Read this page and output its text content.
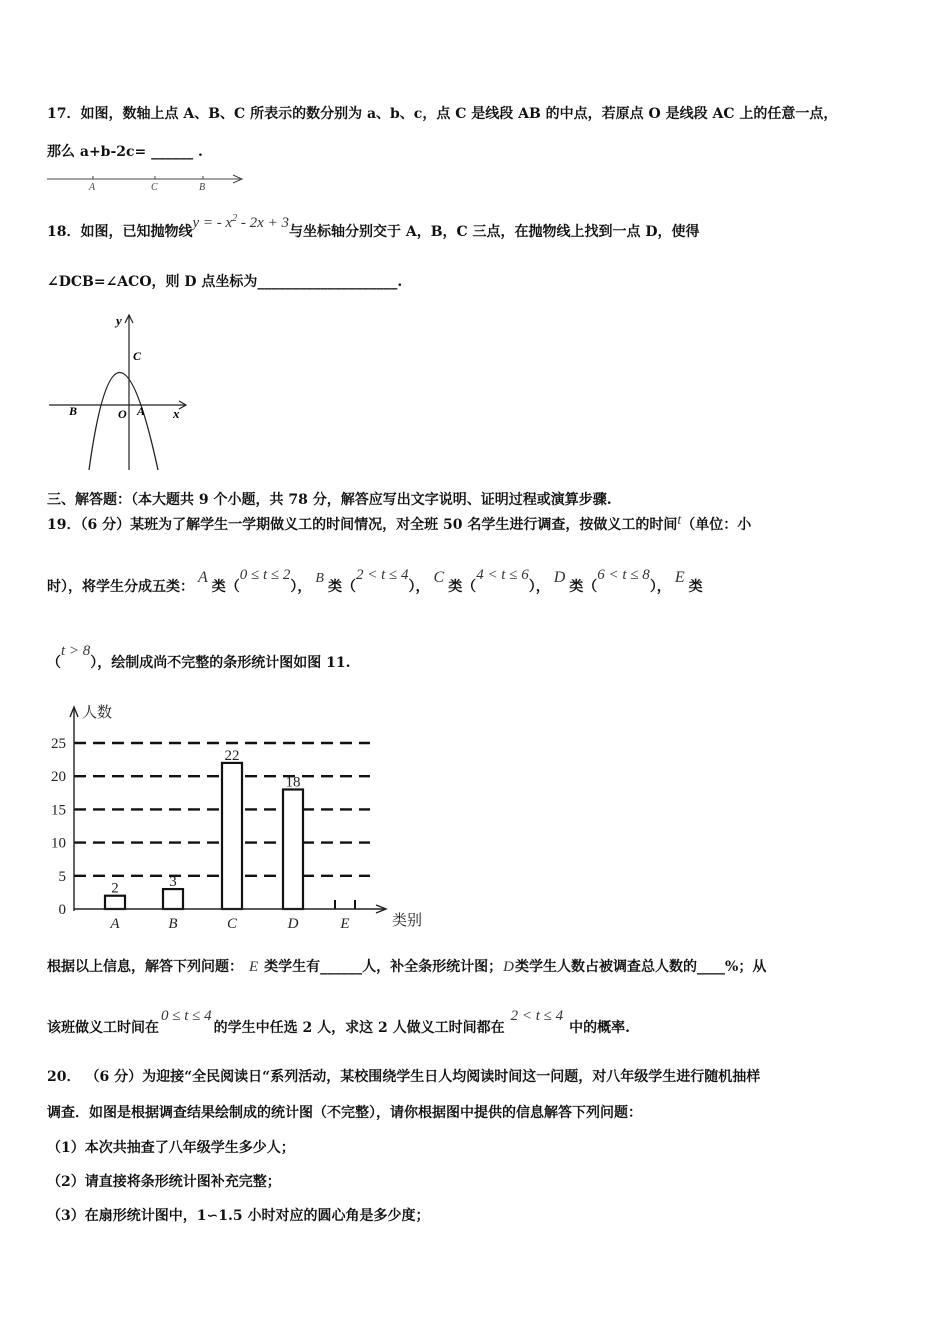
17．如图，数轴上点 A、B、C 所表示的数分别为 a、b、c，点 C 是线段 AB 的中点，若原点 O 是线段 AC 上的任意一点，
那么 a+b-2c= ______ .
A	C	B
18．如图，已知抛物线y = - $x^2 - 2x + 3$与坐标轴分别交于 A，B，C 三点，在抛物线上找到一点 D，使得
∠DCB=∠ACO，则 D 点坐标为____________________.
y
x
C
B	O A
三、解答题：（本大题共 9 个小题，共 78 分，解答应写出文字说明、证明过程或演算步骤.
19．（6 分）某班为了解学生一学期做义工的时间情况，对全班 50 名学生进行调查，按做义工的时间t（单位：小
时），将学生分成五类：A类（0 ≤ t ≤ 2），B类（2 < t ≤ 4），C类（4 < t ≤ 6），D类（6 < t ≤ 8），E类
（t > 8），绘制成尚不完整的条形统计图如图 11.
0
5
10
15
20
25
A
2
B
3
C
22
D
18
E
人数
类别
根据以上信息，解答下列问题： E 类学生有______人，补全条形统计图；D类学生人数占被调查总人数的____%；从
该班做义工时间在0 ≤ t ≤ 4的学生中任选 2 人，求这 2 人做义工时间都在2 < t ≤ 4中的概率.
20． （6 分）为迎接“全民阅读日“系列活动，某校围绕学生日人均阅读时间这一问题，对八年级学生进行随机抽样
调查．如图是根据调查结果绘制成的统计图（不完整），请你根据图中提供的信息解答下列问题：
（1）本次共抽查了八年级学生多少人；
（2）请直接将条形统计图补充完整；
（3）在扇形统计图中，1∽1.5 小时对应的圆心角是多少度；
